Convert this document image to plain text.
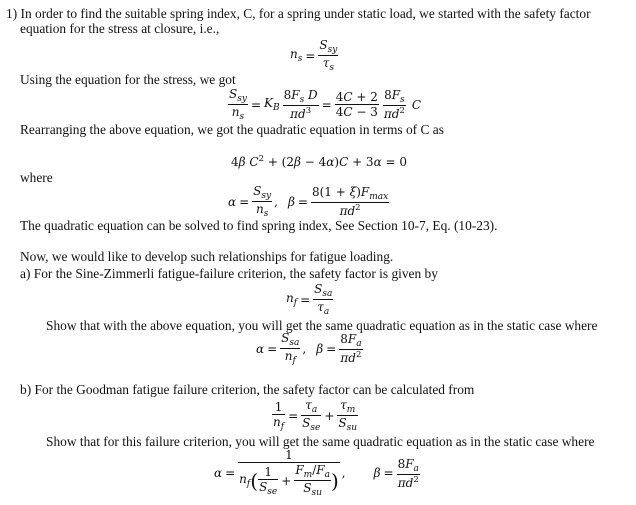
1) In order to find the suitable spring index, C, for a spring under static load, we started with the safety factor
equation for the stress at closure, i.e.,
$n_s = \frac{S_{sy}}{\tau_s}$
Using the equation for the stress, we got
$\frac{S_{sy}}{n_s} = K_B \frac{8F_s D}{\pi d^3} = \frac{4C + 2}{4C - 3} \frac{8F_s}{\pi d^2}$ C
Rearranging the above equation, we got the quadratic equation in terms of C as
4β $C^2 + (2\beta - 4\alpha)C + 3\alpha = 0$
where
$\alpha = \frac{S_{sy}}{n_s}$ , $\beta = \frac{8(1 + \xi)F_{max}}{\pi d^2}$
The quadratic equation can be solved to find spring index, See Section 10-7, Eq. (10-23).
Now, we would like to develop such relationships for fatigue loading.
a) For the Sine-Zimmerli fatigue-failure criterion, the safety factor is given by
$n_f = \frac{S_{sa}}{\tau_a}$
Show that with the above equation, you will get the same quadratic equation as in the static case where
$\alpha = \frac{S_{sa}}{n_f}$ , $\beta = \frac{8F_a}{\pi d^2}$
b) For the Goodman fatigue failure criterion, the safety factor can be calculated from
$\frac{1}{n_f} = \frac{\tau_a}{S_{se}} + \frac{\tau_m}{S_{su}}$
Show that for this failure criterion, you will get the same quadratic equation as in the static case where
$\alpha = \frac{1}{n_f ( \frac{1}{S_{se}} + \frac{F_m/F_a}{S_{su}} )}$ , $\beta = \frac{8F_a}{\pi d^2}$
